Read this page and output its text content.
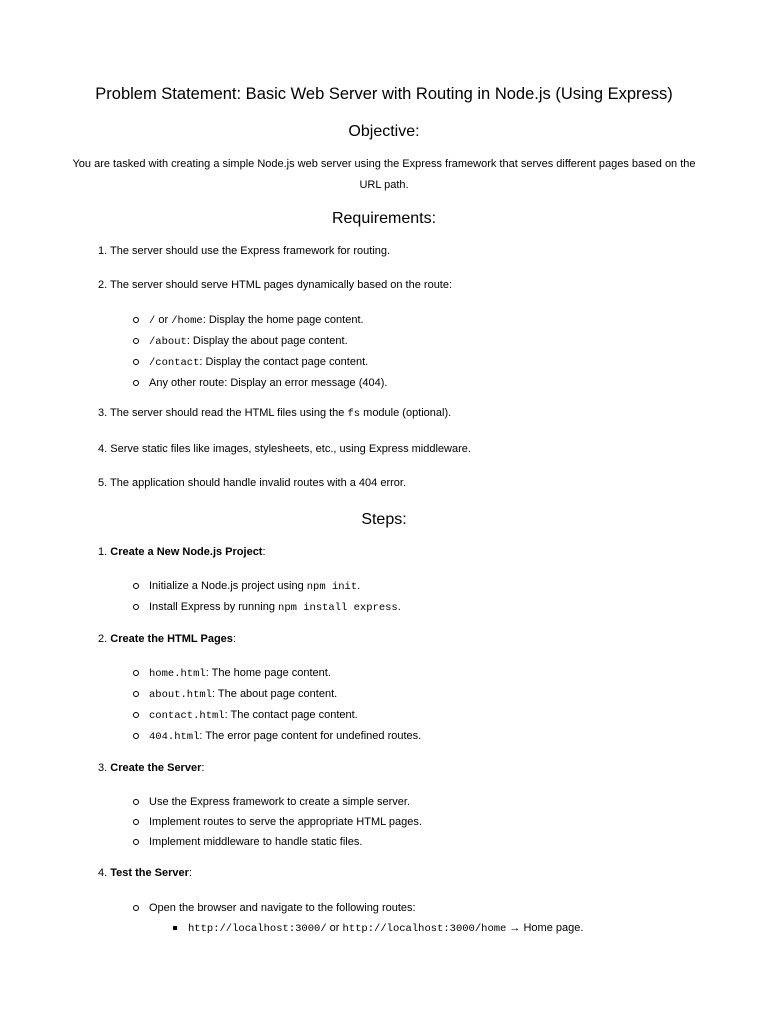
Problem Statement: Basic Web Server with Routing in Node.js (Using Express)
Objective:
You are tasked with creating a simple Node.js web server using the Express framework that serves different pages based on the URL path.
Requirements:
1. The server should use the Express framework for routing.
2. The server should serve HTML pages dynamically based on the route:
/ or /home: Display the home page content.
/about: Display the about page content.
/contact: Display the contact page content.
Any other route: Display an error message (404).
3. The server should read the HTML files using the fs module (optional).
4. Serve static files like images, stylesheets, etc., using Express middleware.
5. The application should handle invalid routes with a 404 error.
Steps:
1. Create a New Node.js Project:
Initialize a Node.js project using npm init.
Install Express by running npm install express.
2. Create the HTML Pages:
home.html: The home page content.
about.html: The about page content.
contact.html: The contact page content.
404.html: The error page content for undefined routes.
3. Create the Server:
Use the Express framework to create a simple server.
Implement routes to serve the appropriate HTML pages.
Implement middleware to handle static files.
4. Test the Server:
Open the browser and navigate to the following routes:
http://localhost:3000/ or http://localhost:3000/home → Home page.
